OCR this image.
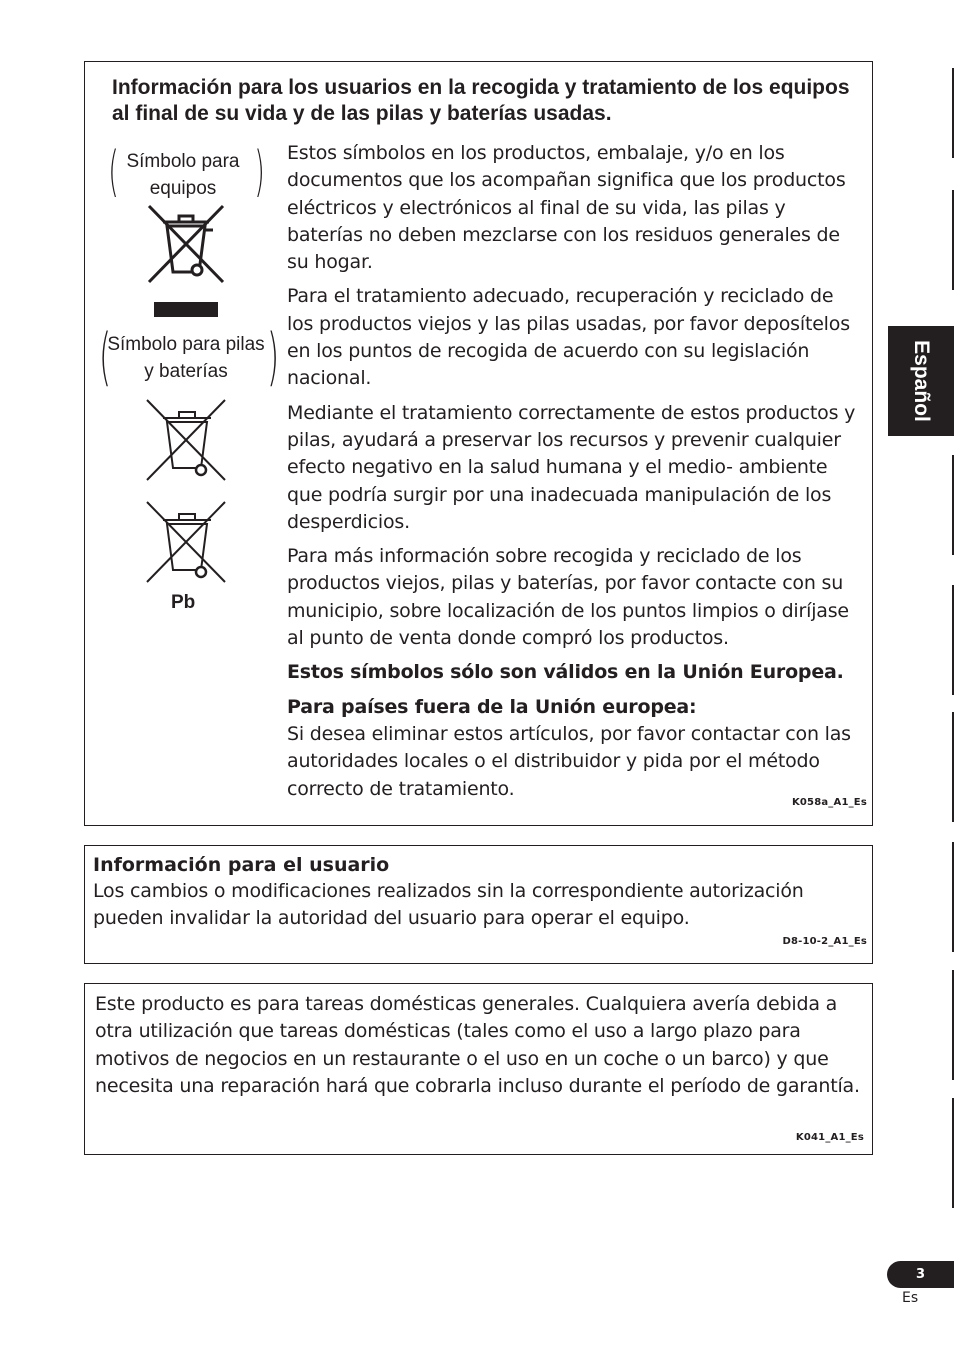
Información para los usuarios en la recogida y tratamiento de los equipos al final de su vida y de las pilas y baterías usadas.
( Símbolo para equipos )
(
Símbolo para pilas y baterías )
Pb

Estos símbolos en los productos, embalaje, y/o en los documentos que los acompañan significa que los productos eléctricos y electrónicos al final de su vida, las pilas y baterías no deben mezclarse con los residuos generales de su hogar.

Para el tratamiento adecuado, recuperación y reciclado de los productos viejos y las pilas usadas, por favor deposítelos en los puntos de recogida de acuerdo con su legislación nacional.

Mediante el tratamiento correctamente de estos productos y pilas, ayudará a preservar los recursos y prevenir cualquier efecto negativo en la salud humana y el medio- ambiente que podría surgir por una inadecuada manipulación de los desperdicios.

Para más información sobre recogida y reciclado de los productos viejos, pilas y baterías, por favor contacte con su municipio, sobre localización de los puntos limpios o diríjase al punto de venta donde compró los productos.

Estos símbolos sólo son válidos en la Unión Europea.

Para países fuera de la Unión europea:

Si desea eliminar estos artículos, por favor contactar con las autoridades locales o el distribuidor y pida por el método correcto de tratamiento.

K058a_A1_Es
Información para el usuario
Los cambios o modificaciones realizados sin la correspondiente autorización pueden invalidar la autoridad del usuario para operar el equipo.
D8-10-2_A1_Es
Este producto es para tareas domésticas generales. Cualquiera avería debida a otra utilización que tareas domésticas (tales como el uso a largo plazo para motivos de negocios en un restaurante o el uso en un coche o un barco) y que necesita una reparación hará que cobrarla incluso durante el período de garantía.
K041_A1_Es
Español
3
Es
